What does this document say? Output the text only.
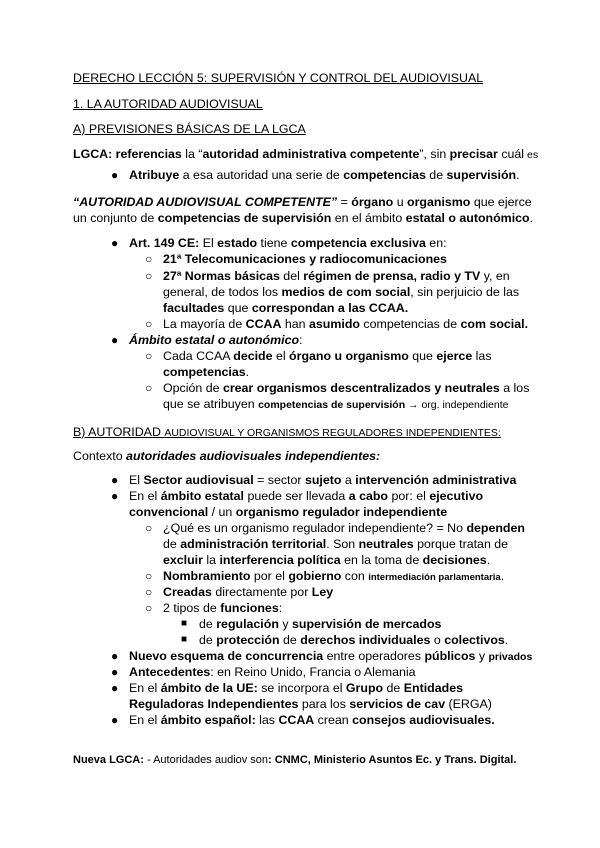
DERECHO LECCIÓN 5: SUPERVISIÓN Y CONTROL DEL AUDIOVISUAL
1. LA AUTORIDAD AUDIOVISUAL
A) PREVISIONES BÁSICAS DE LA LGCA
LGCA: referencias la “autoridad administrativa competente”, sin precisar cuál es
● Atribuye a esa autoridad una serie de competencias de supervisión.
“AUTORIDAD AUDIOVISUAL COMPETENTE” = órgano u organismo que ejerce
un conjunto de competencias de supervisión en el ámbito estatal o autonómico.
● Art. 149 CE: El estado tiene competencia exclusiva en:
○ 21ª Telecomunicaciones y radiocomunicaciones
○ 27ª Normas básicas del régimen de prensa, radio y TV y, en
general, de todos los medios de com social, sin perjuicio de las
facultades que correspondan a las CCAA.
○ La mayoría de CCAA han asumido competencias de com social.
● Ámbito estatal o autonómico:
○ Cada CCAA decide el órgano u organismo que ejerce las
competencias.
○ Opción de crear organismos descentralizados y neutrales a los
que se atribuyen competencias de supervisión → org. independiente
B) AUTORIDAD AUDIOVISUAL Y ORGANISMOS REGULADORES INDEPENDIENTES:
Contexto autoridades audiovisuales independientes:
● El Sector audiovisual = sector sujeto a intervención administrativa
● En el ámbito estatal puede ser llevada a cabo por: el ejecutivo
convencional / un organismo regulador independiente
○ ¿Qué es un organismo regulador independiente? = No dependen
de administración territorial. Son neutrales porque tratan de
excluir la interferencia política en la toma de decisiones.
○ Nombramiento por el gobierno con intermediación parlamentaria.
○ Creadas directamente por Ley
○ 2 tipos de funciones:
■ de regulación y supervisión de mercados
■ de protección de derechos individuales o colectivos.
● Nuevo esquema de concurrencia entre operadores públicos y privados
● Antecedentes: en Reino Unido, Francia o Alemania
● En el ámbito de la UE: se incorpora el Grupo de Entidades
Reguladoras Independientes para los servicios de cav (ERGA)
● En el ámbito español: las CCAA crean consejos audiovisuales.
Nueva LGCA: - Autoridades audiov son: CNMC, Ministerio Asuntos Ec. y Trans. Digital.
